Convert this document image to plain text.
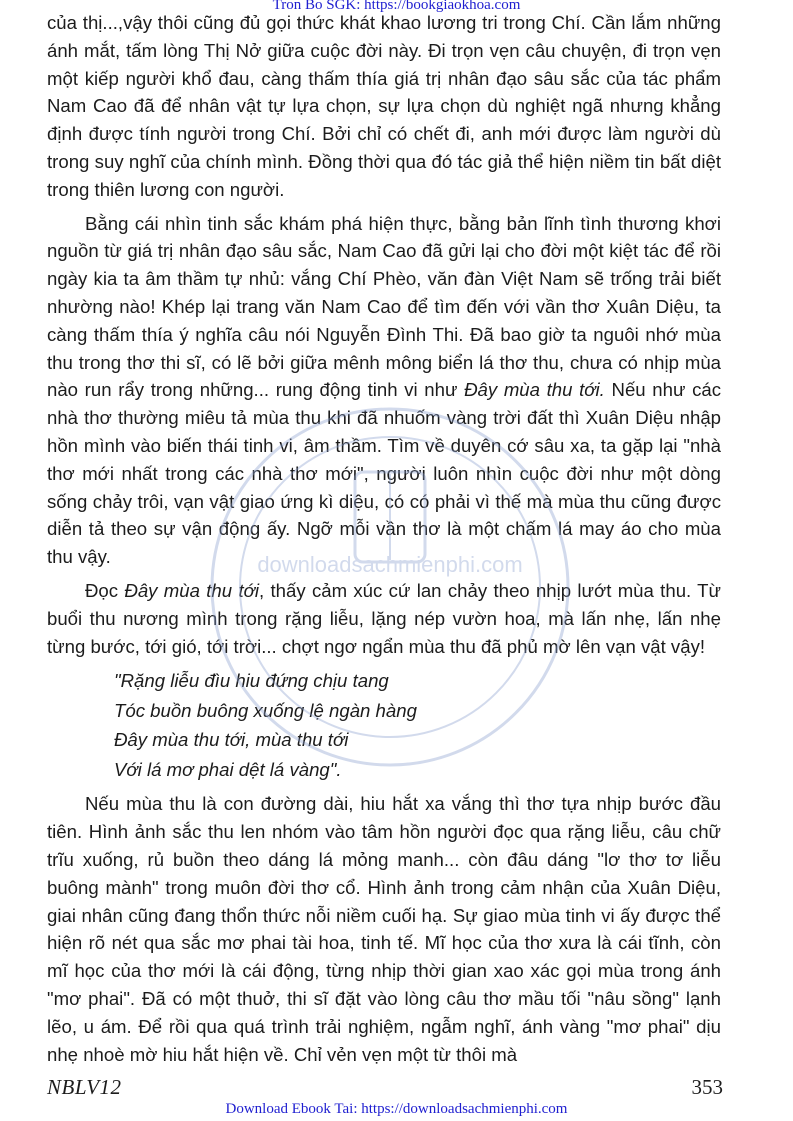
Tron Bo SGK: https://bookgiaokhoa.com

của thị...,vậy thôi cũng đủ gọi thức khát khao lương tri trong Chí. Cần lắm những ánh mắt, tấm lòng Thị Nở giữa cuộc đời này. Đi trọn vẹn câu chuyện, đi trọn vẹn một kiếp người khổ đau, càng thấm thía giá trị nhân đạo sâu sắc của tác phẩm Nam Cao đã để nhân vật tự lựa chọn, sự lựa chọn dù nghiệt ngã nhưng khẳng định được tính người trong Chí. Bởi chỉ có chết đi, anh mới được làm người dù trong suy nghĩ của chính mình. Đồng thời qua đó tác giả thể hiện niềm tin bất diệt trong thiên lương con người.

Bằng cái nhìn tinh sắc khám phá hiện thực, bằng bản lĩnh tình thương khơi nguồn từ giá trị nhân đạo sâu sắc, Nam Cao đã gửi lại cho đời một kiệt tác để rồi ngày kia ta âm thầm tự nhủ: vắng Chí Phèo, văn đàn Việt Nam sẽ trống trải biết nhường nào! Khép lại trang văn Nam Cao để tìm đến với vần thơ Xuân Diệu, ta càng thấm thía ý nghĩa câu nói Nguyễn Đình Thi. Đã bao giờ ta nguôi nhớ mùa thu trong thơ thi sĩ, có lẽ bởi giữa mênh mông biển lá thơ thu, chưa có nhịp mùa nào run rẩy trong những... rung động tinh vi như Đây mùa thu tới. Nếu như các nhà thơ thường miêu tả mùa thu khi đã nhuốm vàng trời đất thì Xuân Diệu nhập hồn mình vào biến thái tinh vi, âm thầm. Tìm về duyên cớ sâu xa, ta gặp lại "nhà thơ mới nhất trong các nhà thơ mới", người luôn nhìn cuộc đời như một dòng sống chảy trôi, vạn vật giao ứng kì diệu, có có phải vì thế mà mùa thu cũng được diễn tả theo sự vận động ấy. Ngỡ mỗi vần thơ là một chấm lá may áo cho mùa thu vậy.

Đọc Đây mùa thu tới, thấy cảm xúc cứ lan chảy theo nhịp lướt mùa thu. Từ buổi thu nương mình trong rặng liễu, lặng nép vườn hoa, mà lấn nhẹ, lấn nhẹ từng bước, tới gió, tới trời... chợt ngơ ngẩn mùa thu đã phủ mờ lên vạn vật vậy!

"Rặng liễu đìu hiu đứng chịu tang
Tóc buồn buông xuống lệ ngàn hàng
Đây mùa thu tới, mùa thu tới
Với lá mơ phai dệt lá vàng".

Nếu mùa thu là con đường dài, hiu hắt xa vắng thì thơ tựa nhịp bước đầu tiên. Hình ảnh sắc thu len nhóm vào tâm hồn người đọc qua rặng liễu, câu chữ trĩu xuống, rủ buồn theo dáng lá mỏng manh... còn đâu dáng "lơ thơ tơ liễu buông mành" trong muôn đời thơ cổ. Hình ảnh trong cảm nhận của Xuân Diệu, giai nhân cũng đang thổn thức nỗi niềm cuối hạ. Sự giao mùa tinh vi ấy được thể hiện rõ nét qua sắc mơ phai tài hoa, tinh tế. Mĩ học của thơ xưa là cái tĩnh, còn mĩ học của thơ mới là cái động, từng nhịp thời gian xao xác gọi mùa trong ánh "mơ phai". Đã có một thuở, thi sĩ đặt vào lòng câu thơ mầu tối "nâu sồng" lạnh lẽo, u ám. Để rồi qua quá trình trải nghiệm, ngẫm nghĩ, ánh vàng "mơ phai" dịu nhẹ nhoè mờ hiu hắt hiện về. Chỉ vẻn vẹn một từ thôi mà

downloadsachmienphi.com
NBLV12	353
Download Ebook Tai: https://downloadsachmienphi.com
